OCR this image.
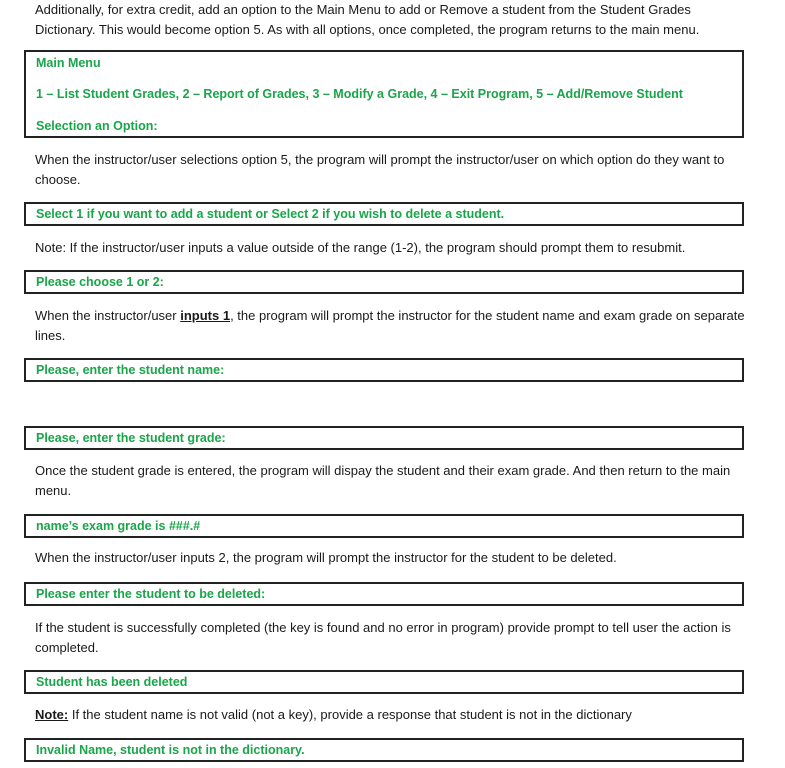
Additionally, for extra credit, add an option to the Main Menu to add or Remove a student from the Student Grades Dictionary. This would become option 5. As with all options, once completed, the program returns to the main menu.

Main Menu
1 – List Student Grades, 2 – Report of Grades, 3 – Modify a Grade, 4 – Exit Program, 5 – Add/Remove Student
Selection an Option:

When the instructor/user selections option 5, the program will prompt the instructor/user on which option do they want to choose.

Select 1 if you want to add a student or Select 2 if you wish to delete a student.

Note: If the instructor/user inputs a value outside of the range (1-2), the program should prompt them to resubmit.

Please choose 1 or 2:

When the instructor/user inputs 1, the program will prompt the instructor for the student name and exam grade on separate lines.

Please, enter the student name:
Please, enter the student grade:

Once the student grade is entered, the program will dispay the student and their exam grade. And then return to the main menu.

name’s exam grade is ###.#

When the instructor/user inputs 2, the program will prompt the instructor for the student to be deleted.

Please enter the student to be deleted:

If the student is successfully completed (the key is found and no error in program) provide prompt to tell user the action is completed.

Student has been deleted

Note: If the student name is not valid (not a key), provide a response that student is not in the dictionary

Invalid Name, student is not in the dictionary.
